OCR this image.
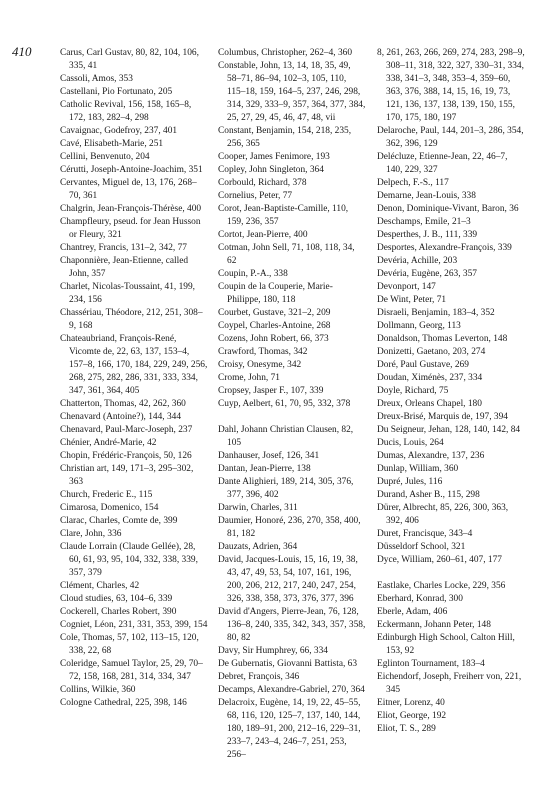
410	Carus, Carl Gustav, 80, 82, 104, 106, 335, 41
Cassoli, Amos, 353
Castellani, Pio Fortunato, 205
Catholic Revival, 156, 158, 165–8, 172, 183, 282–4, 298
Cavaignac, Godefroy, 237, 401
Cavé, Elisabeth-Marie, 251
Cellini, Benvenuto, 204
Cérutti, Joseph-Antoine-Joachim, 351
Cervantes, Miguel de, 13, 176, 268–70, 361
Chalgrin, Jean-François-Thérèse, 400
Champfleury, pseud. for Jean Husson or Fleury, 321
Chantrey, Francis, 131–2, 342, 77
Chaponnière, Jean-Etienne, called John, 357
Charlet, Nicolas-Toussaint, 41, 199, 234, 156
Chassériau, Théodore, 212, 251, 308–9, 168
Chateaubriand, François-René, Vicomte de, 22, 63, 137, 153–4, 157–8, 166, 170, 184, 229, 249, 256, 268, 275, 282, 286, 331, 333, 334, 347, 361, 364, 405
Chatterton, Thomas, 42, 262, 360
Chenavard (Antoine?), 144, 344
Chenavard, Paul-Marc-Joseph, 237
Chénier, André-Marie, 42
Chopin, Frédéric-François, 50, 126
Christian art, 149, 171–3, 295–302, 363
Church, Frederic E., 115
Cimarosa, Domenico, 154
Clarac, Charles, Comte de, 399
Clare, John, 336
Claude Lorrain (Claude Gellée), 28, 60, 61, 93, 95, 104, 332, 338, 339, 357, 379
Clément, Charles, 42
Cloud studies, 63, 104–6, 339
Cockerell, Charles Robert, 390
Cogniet, Léon, 231, 331, 353, 399, 154
Cole, Thomas, 57, 102, 113–15, 120, 338, 22, 68
Coleridge, Samuel Taylor, 25, 29, 70–72, 158, 168, 281, 314, 334, 347
Collins, Wilkie, 360
Cologne Cathedral, 225, 398, 146
Columbus, Christopher, 262–4, 360
Constable, John, 13, 14, 18, 35, 49, 58–71, 86–94, 102–3, 105, 110, 115–18, 159, 164–5, 237, 246, 298, 314, 329, 333–9, 357, 364, 377, 384, 25, 27, 29, 45, 46, 47, 48, vii
Constant, Benjamin, 154, 218, 235, 256, 365
Cooper, James Fenimore, 193
Copley, John Singleton, 364
Corbould, Richard, 378
Cornelius, Peter, 77
Corot, Jean-Baptiste-Camille, 110, 159, 236, 357
Cortot, Jean-Pierre, 400
Cotman, John Sell, 71, 108, 118, 34, 62
Coupin, P.-A., 338
Coupin de la Couperie, Marie-Philippe, 180, 118
Courbet, Gustave, 321–2, 209
Coypel, Charles-Antoine, 268
Cozens, John Robert, 66, 373
Crawford, Thomas, 342
Croisy, Onesyme, 342
Crome, John, 71
Cropsey, Jasper F., 107, 339
Cuyp, Aelbert, 61, 70, 95, 332, 378
Dahl, Johann Christian Clausen, 82, 105
Danhauser, Josef, 126, 341
Dantan, Jean-Pierre, 138
Dante Alighieri, 189, 214, 305, 376, 377, 396, 402
Darwin, Charles, 311
Daumier, Honoré, 236, 270, 358, 400, 81, 182
Dauzats, Adrien, 364
David, Jacques-Louis, 15, 16, 19, 38, 43, 47, 49, 53, 54, 107, 161, 196, 200, 206, 212, 217, 240, 247, 254, 326, 338, 358, 373, 376, 377, 396
David d'Angers, Pierre-Jean, 76, 128, 136–8, 240, 335, 342, 343, 357, 358, 80, 82
Davy, Sir Humphrey, 66, 334
De Gubernatis, Giovanni Battista, 63
Debret, François, 346
Decamps, Alexandre-Gabriel, 270, 364
Delacroix, Eugène, 14, 19, 22, 45–55, 68, 116, 120, 125–7, 137, 140, 144, 180, 189–91, 200, 212–16, 229–31, 233–7, 243–4, 246–7, 251, 253, 256–
8, 261, 263, 266, 269, 274, 283, 298–9, 308–11, 318, 322, 327, 330–31, 334, 338, 341–3, 348, 353–4, 359–60, 363, 376, 388, 14, 15, 16, 19, 73, 121, 136, 137, 138, 139, 150, 155, 170, 175, 180, 197
Delaroche, Paul, 144, 201–3, 286, 354, 362, 396, 129
Delécluze, Etienne-Jean, 22, 46–7, 140, 229, 327
Delpech, F.-S., 117
Demarne, Jean-Louis, 338
Denon, Dominique-Vivant, Baron, 36
Deschamps, Emile, 21–3
Desperthes, J. B., 111, 339
Desportes, Alexandre-François, 339
Devéria, Achille, 203
Devéria, Eugène, 263, 357
Devonport, 147
De Wint, Peter, 71
Disraeli, Benjamin, 183–4, 352
Dollmann, Georg, 113
Donaldson, Thomas Leverton, 148
Donizetti, Gaetano, 203, 274
Doré, Paul Gustave, 269
Doudan, Ximénès, 237, 334
Doyle, Richard, 75
Dreux, Orleans Chapel, 180
Dreux-Brisé, Marquis de, 197, 394
Du Seigneur, Jehan, 128, 140, 142, 84
Ducis, Louis, 264
Dumas, Alexandre, 137, 236
Dunlap, William, 360
Dupré, Jules, 116
Durand, Asher B., 115, 298
Dürer, Albrecht, 85, 226, 300, 363, 392, 406
Duret, Francisque, 343–4
Düsseldorf School, 321
Dyce, William, 260–61, 407, 177
Eastlake, Charles Locke, 229, 356
Eberhard, Konrad, 300
Eberle, Adam, 406
Eckermann, Johann Peter, 148
Edinburgh High School, Calton Hill, 153, 92
Eglinton Tournament, 183–4
Eichendorf, Joseph, Freiherr von, 221, 345
Eitner, Lorenz, 40
Eliot, George, 192
Eliot, T. S., 289
